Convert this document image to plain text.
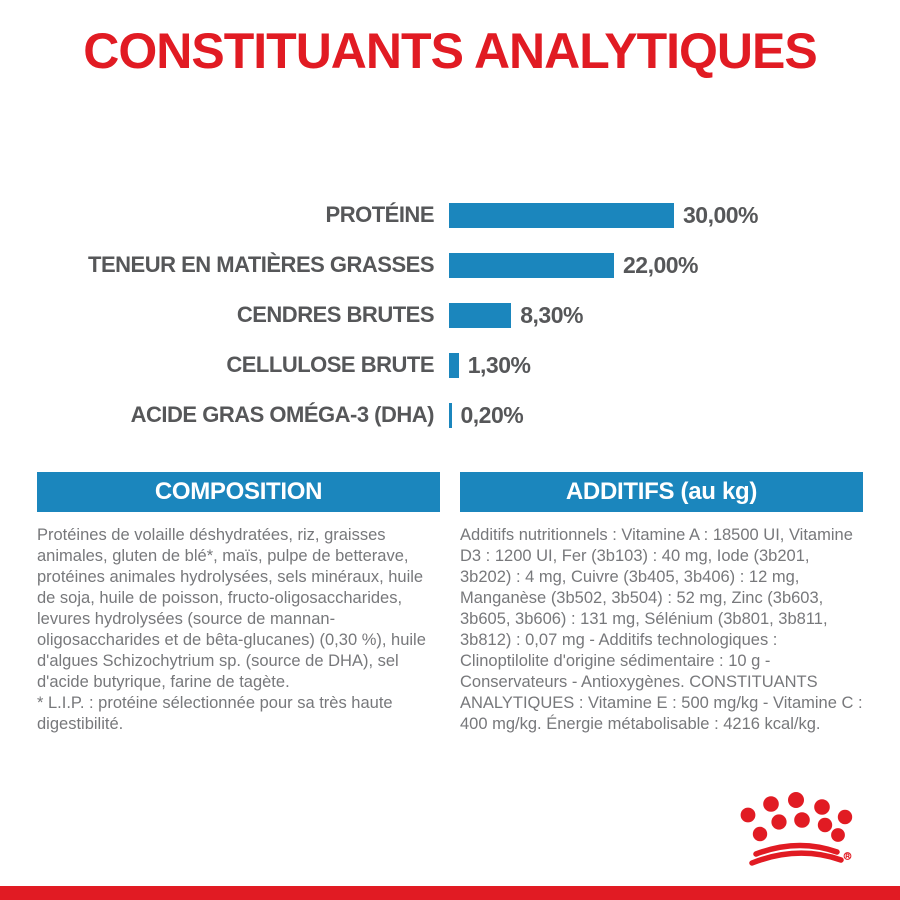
CONSTITUANTS ANALYTIQUES
PROTÉINE	30,00%
TENEUR EN MATIÈRES GRASSES	22,00%
CENDRES BRUTES	8,30%
CELLULOSE BRUTE 1,30%
ACIDE GRAS OMÉGA-3 (DHA) 0,20%
COMPOSITION

Protéines de volaille déshydratées, riz, graisses animales, gluten de blé*, maïs, pulpe de betterave, protéines animales hydrolysées, sels minéraux, huile de soja, huile de poisson, fructo-oligosaccharides, levures hydrolysées (source de mannan-oligosaccharides et de bêta-glucanes) (0,30 %), huile d'algues Schizochytrium sp. (source de DHA), sel d'acide butyrique, farine de tagète.

* L.I.P. : protéine sélectionnée pour sa très haute digestibilité.

ADDITIFS (au kg)

Additifs nutritionnels : Vitamine A : 18500 UI, Vitamine D3 : 1200 UI, Fer (3b103) : 40 mg, Iode (3b201, 3b202) : 4 mg, Cuivre (3b405, 3b406) : 12 mg, Manganèse (3b502, 3b504) : 52 mg, Zinc (3b603, 3b605, 3b606) : 131 mg, Sélénium (3b801, 3b811, 3b812) : 0,07 mg - Additifs technologiques : Clinoptilolite d'origine sédimentaire : 10 g - Conservateurs - Antioxygènes. CONSTITUANTS ANALYTIQUES : Vitamine E : 500 mg/kg - Vitamine C : 400 mg/kg. Énergie métabolisable : 4216 kcal/kg.
